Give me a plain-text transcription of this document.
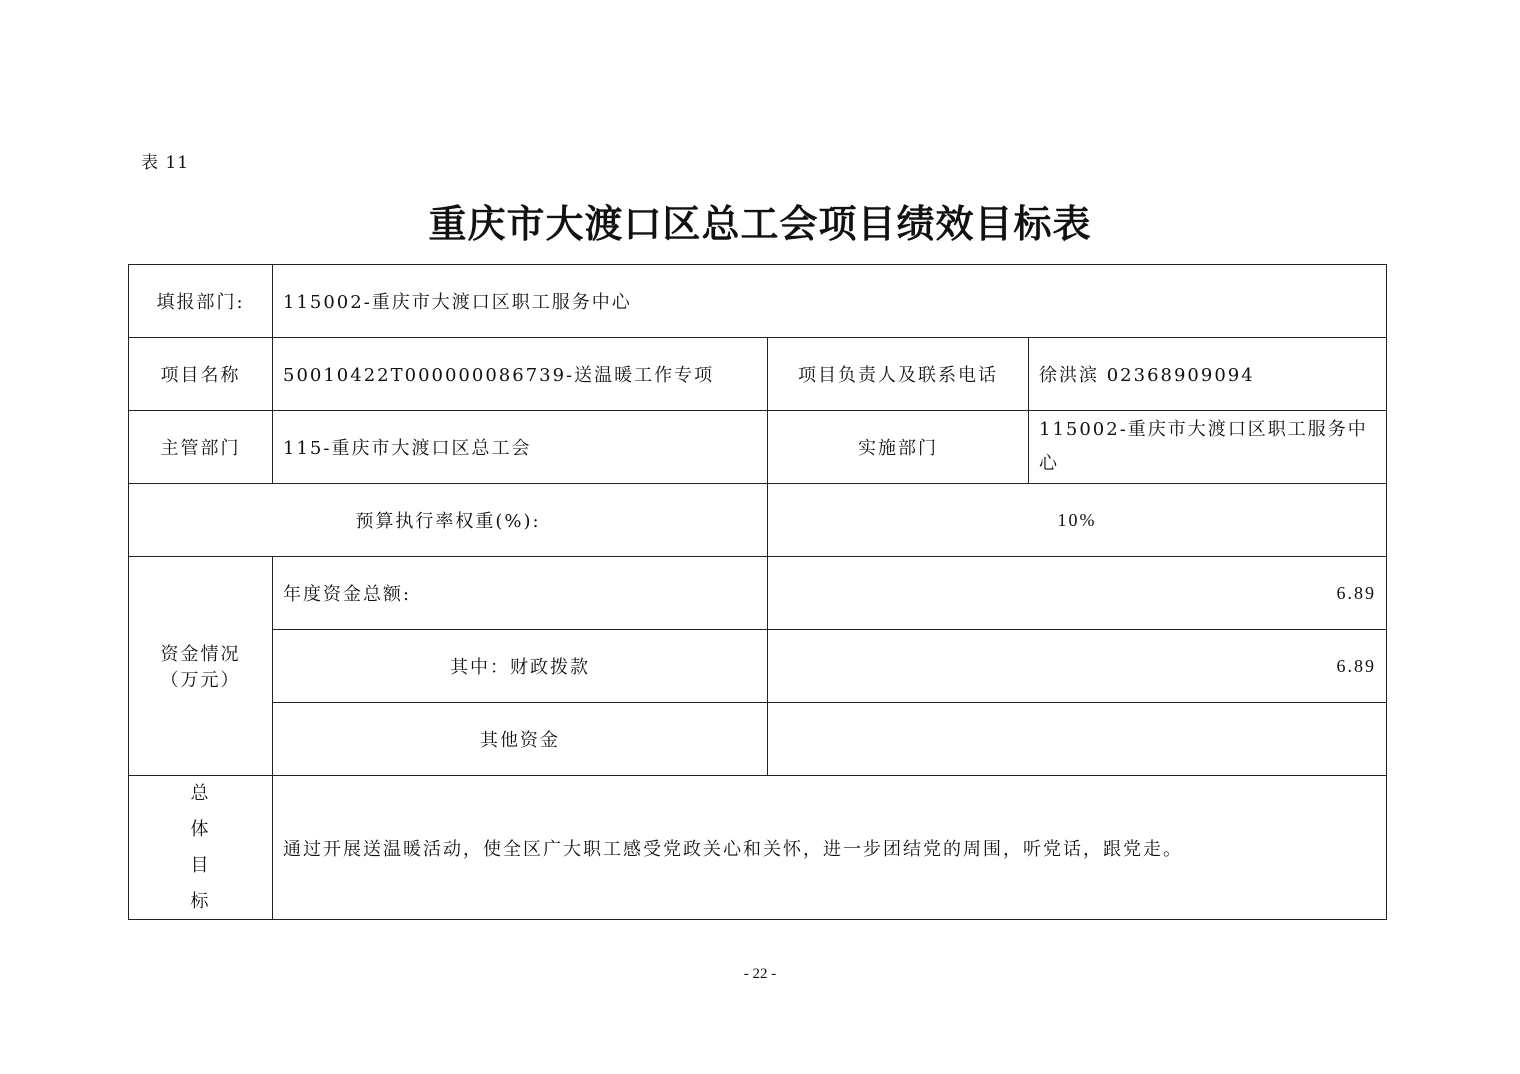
表 11
重庆市大渡口区总工会项目绩效目标表
填报部门:	115002-重庆市大渡口区职工服务中心		
项目名称	50010422T000000086739-送温暖工作专项	项目负责人及联系电话	徐洪滨 02368909094
主管部门	115-重庆市大渡口区总工会	实施部门	115002-重庆市大渡口区职工服务中心
预算执行率权重(%):		10%	

资金情况
（万元）	年度资金总额:	6.89	
	其中：财政拨款	6.89	
	其他资金		

总
体
目
标	通过开展送温暖活动，使全区广大职工感受党政关心和关怀，进一步团结党的周围，听党话，跟党走。		
- 22 -
